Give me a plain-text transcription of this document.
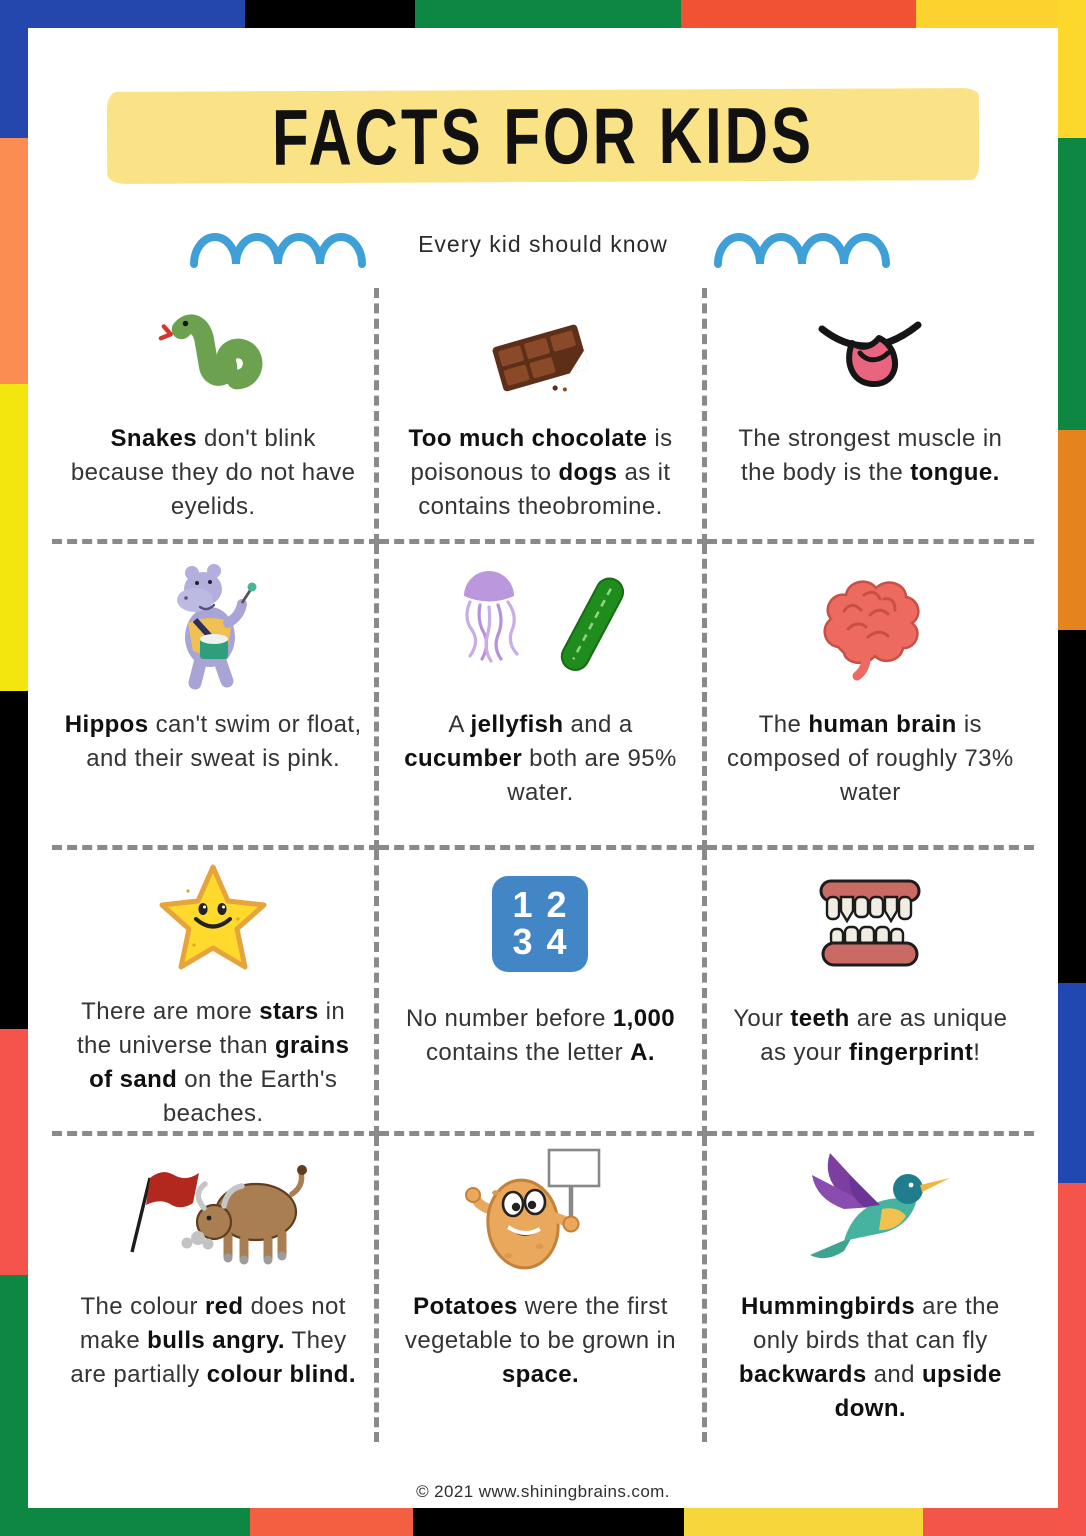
FACTS FOR KIDS
Every kid should know

Snakes don't blink because they do not have eyelids.

Too much chocolate is poisonous to dogs as it contains theobromine.

The strongest muscle in the body is the tongue.

Hippos can't swim or float, and their sweat is pink.

A jellyfish and a cucumber both are 95% water.

The human brain is composed of roughly 73% water

There are more stars in the universe than grains of sand on the Earth's beaches.

1 2
3 4

No number before 1,000 contains the letter A.

Your teeth are as unique as your fingerprint!

The colour red does not make bulls angry. They are partially colour blind.

Potatoes were the first vegetable to be grown in space.

Hummingbirds are the only birds that can fly backwards and upside down.

© 2021 www.shiningbrains.com.
